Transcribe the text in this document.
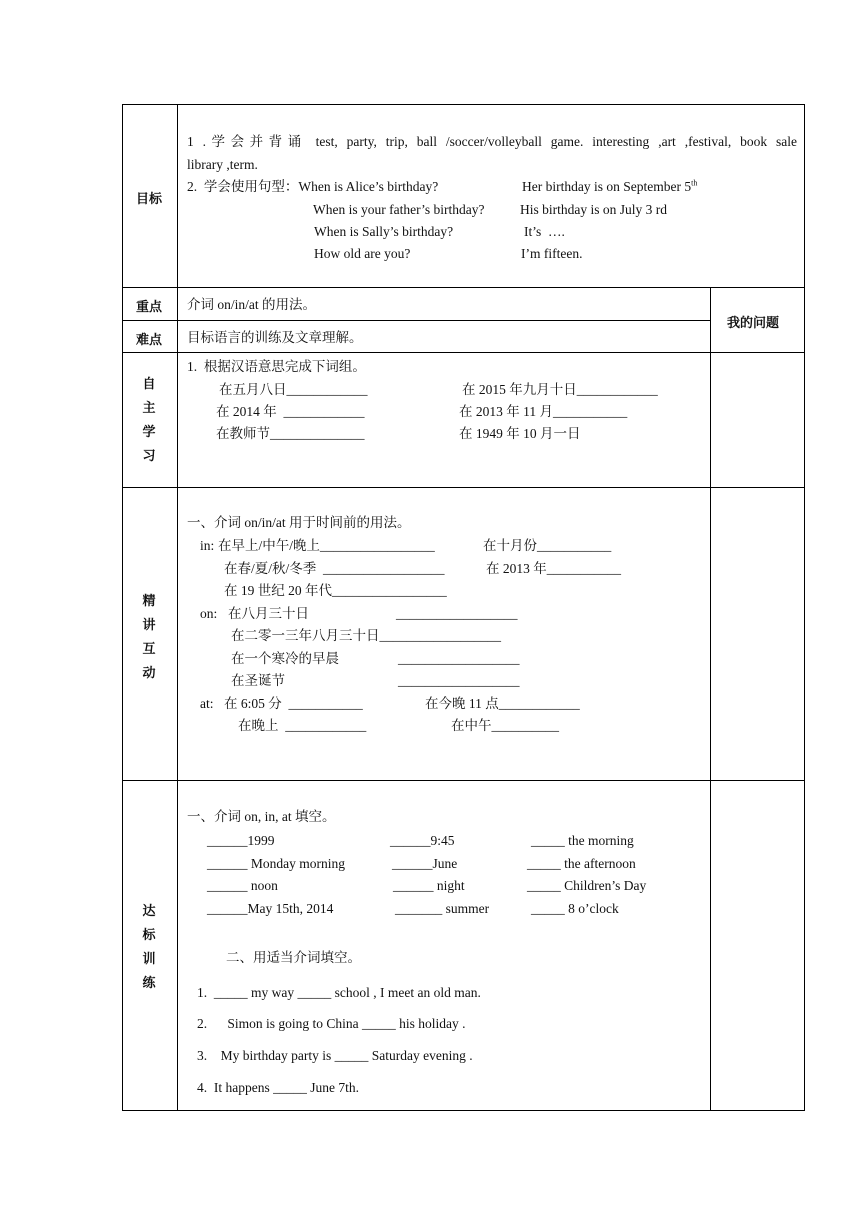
目标
1 .学会并背诵 test, party, trip, ball /soccer/volleyball game. interesting ,art ,festival, book sale
library ,term.
2.  学会使用句型：When is Alice’s birthday?	Her birthday is on September 5th
When is your father’s birthday?	His birthday is on July 3 rd
When is Sally’s birthday?	It’s  ….
How old are you?	I’m fifteen.
重点 介词 on/in/at 的用法。
我的问题
难点 目标语言的训练及文章理解。
自
主
学
习
1.  根据汉语意思完成下词组。
在五月八日____________	在 2015 年九月十日____________
在 2014 年  ____________	在 2013 年 11 月___________
在教师节______________	在 1949 年 10 月一日
精
讲
互
动
一、介词 on/in/at 用于时间前的用法。
in: 在早上/中午/晚上_________________	在十月份___________
在春/夏/秋/冬季  __________________	在 2013 年___________
在 19 世纪 20 年代_________________
on: 在八月三十日	__________________
在二零一三年八月三十日__________________
在一个寒冷的早晨	__________________
在圣诞节	__________________
at: 在 6:05 分  ___________	在今晚 11 点____________
在晚上  ____________	在中午__________
达
标
训
练
一、介词 on, in, at 填空。
______1999	______9:45	_____ the morning
______ Monday morning	______June	_____ the afternoon
______ noon	______ night	_____ Children’s Day
______May 15th, 2014	_______ summer	_____ 8 o’clock
二、用适当介词填空。
1.  _____ my way _____ school , I meet an old man.
2.      Simon is going to China _____ his holiday .
3.    My birthday party is _____ Saturday evening .
4.  It happens _____ June 7th.
